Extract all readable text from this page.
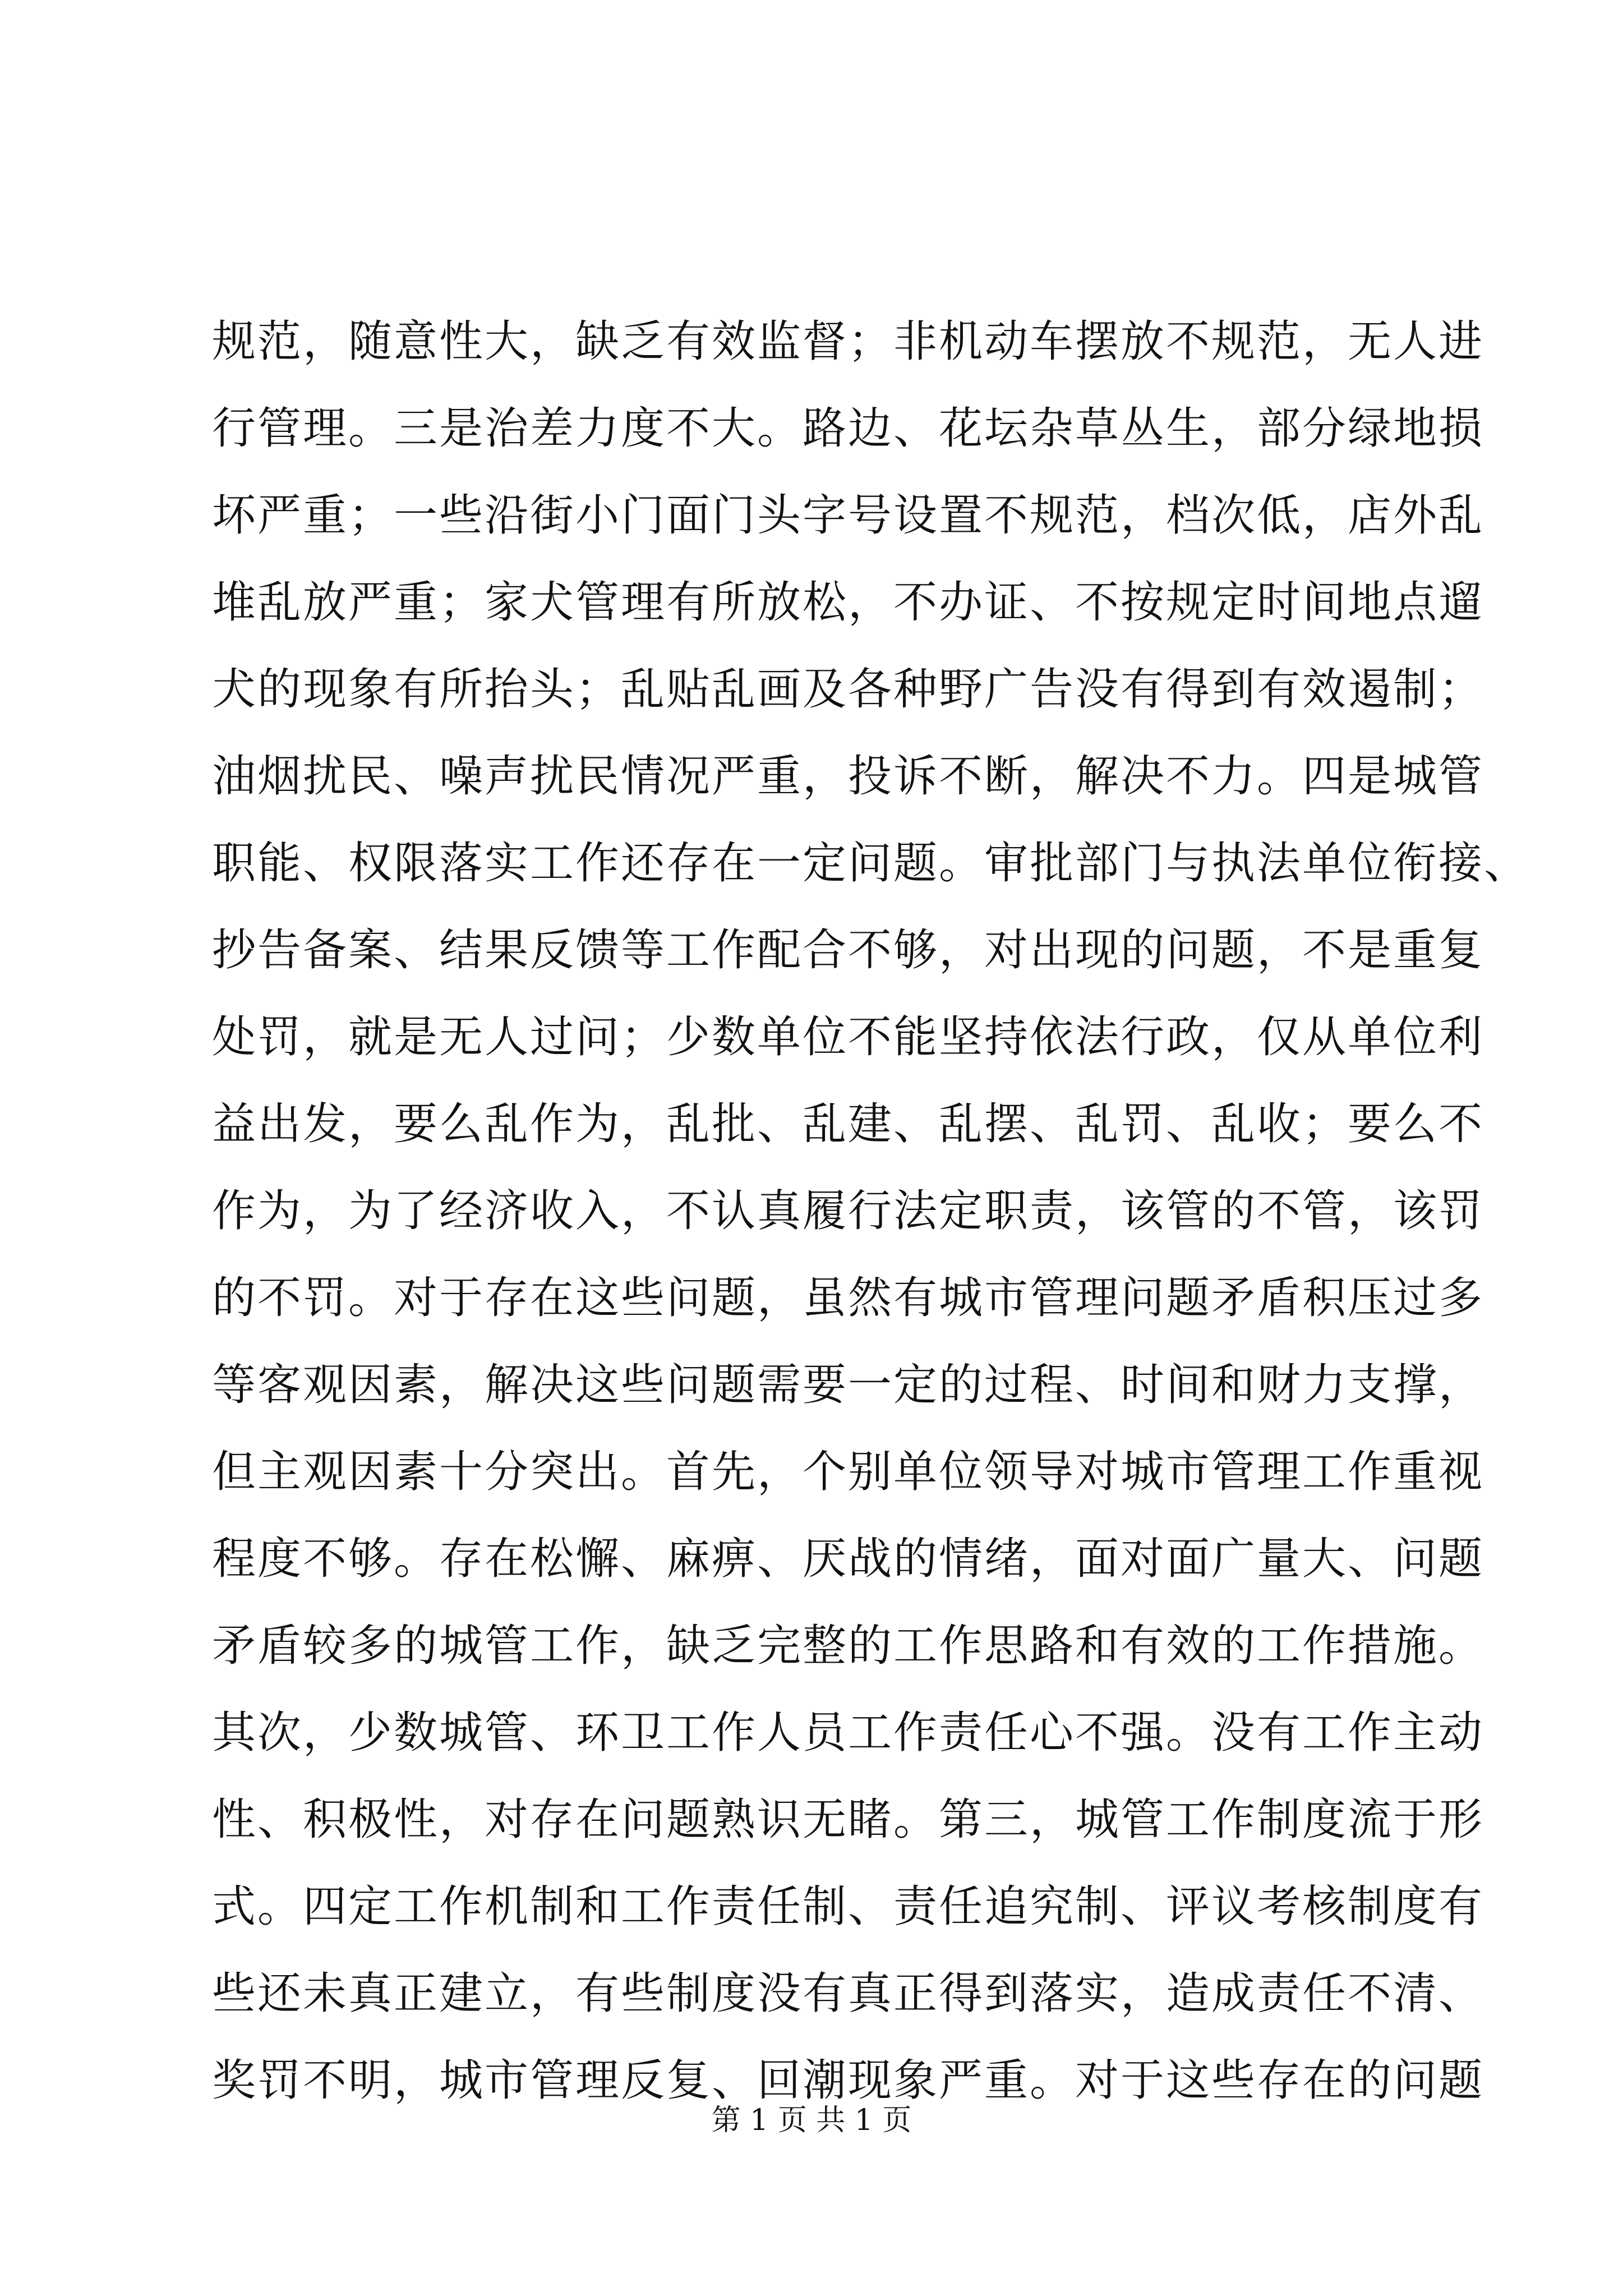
规范，随意性大，缺乏有效监督；非机动车摆放不规范，无人进
行管理。三是治差力度不大。路边、花坛杂草丛生，部分绿地损
坏严重；一些沿街小门面门头字号设置不规范，档次低，店外乱
堆乱放严重；家犬管理有所放松，不办证、不按规定时间地点遛
犬的现象有所抬头；乱贴乱画及各种野广告没有得到有效遏制；
油烟扰民、噪声扰民情况严重，投诉不断，解决不力。四是城管
职能、权限落实工作还存在一定问题。审批部门与执法单位衔接、
抄告备案、结果反馈等工作配合不够，对出现的问题，不是重复
处罚，就是无人过问；少数单位不能坚持依法行政，仅从单位利
益出发，要么乱作为，乱批、乱建、乱摆、乱罚、乱收；要么不
作为，为了经济收入，不认真履行法定职责，该管的不管，该罚
的不罚。对于存在这些问题，虽然有城市管理问题矛盾积压过多
等客观因素，解决这些问题需要一定的过程、时间和财力支撑，
但主观因素十分突出。首先，个别单位领导对城市管理工作重视
程度不够。存在松懈、麻痹、厌战的情绪，面对面广量大、问题
矛盾较多的城管工作，缺乏完整的工作思路和有效的工作措施。
其次，少数城管、环卫工作人员工作责任心不强。没有工作主动
性、积极性，对存在问题熟识无睹。第三，城管工作制度流于形
式。四定工作机制和工作责任制、责任追究制、评议考核制度有
些还未真正建立，有些制度没有真正得到落实，造成责任不清、
奖罚不明，城市管理反复、回潮现象严重。对于这些存在的问题
第 1 页 共 1 页
